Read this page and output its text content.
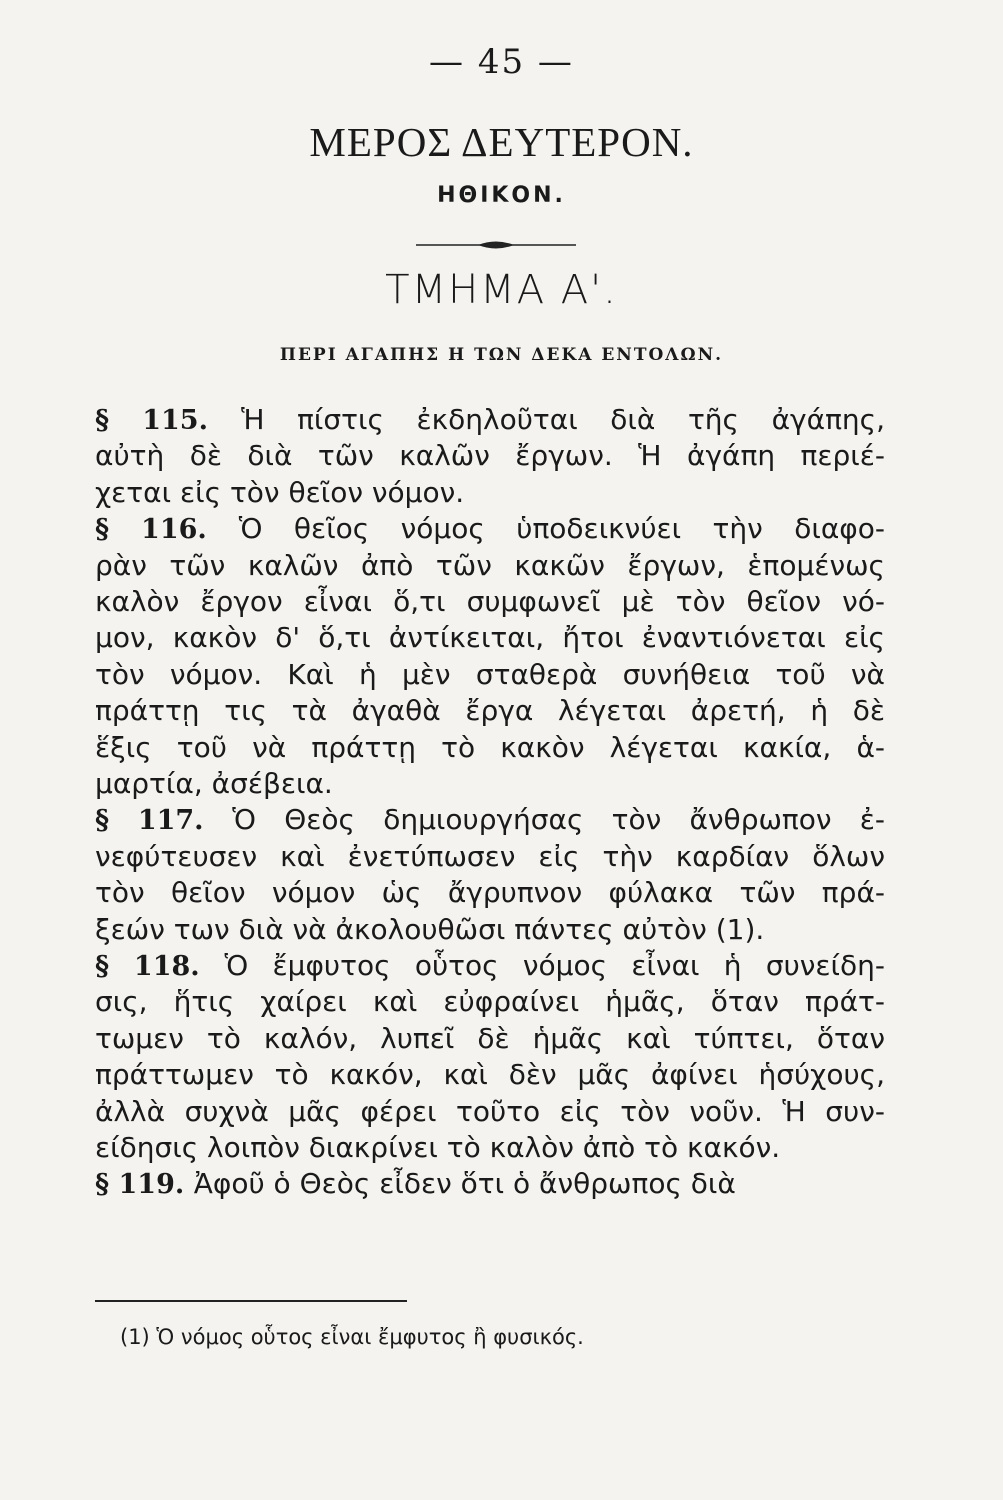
— 45 —
ΜΕΡΟΣ ΔΕΥΤΕΡΟΝ.
ΗΘΙΚΟΝ.
ΤΜΗΜΑ Α'.
ΠΕΡΙ ΑΓΑΠΗΣ Η ΤΩΝ ΔΕΚΑ ΕΝΤΟΛΩΝ.
§ 115. Ἡ πίστις ἐκδηλοῦται διὰ τῆς ἀγάπης,
αὐτὴ δὲ διὰ τῶν καλῶν ἔργων. Ἡ ἀγάπη περιέ-
χεται εἰς τὸν θεῖον νόμον.
§ 116. Ὁ θεῖος νόμος ὑποδεικνύει τὴν διαφο-
ρὰν τῶν καλῶν ἀπὸ τῶν κακῶν ἔργων, ἑπομένως
καλὸν ἔργον εἶναι ὅ,τι συμφωνεῖ μὲ τὸν θεῖον νό-
μον, κακὸν δ' ὅ,τι ἀντίκειται, ἤτοι ἐναντιόνεται εἰς
τὸν νόμον. Καὶ ἡ μὲν σταθερὰ συνήθεια τοῦ νὰ
πράττῃ τις τὰ ἀγαθὰ ἔργα λέγεται ἀρετή, ἡ δὲ
ἕξις τοῦ νὰ πράττῃ τὸ κακὸν λέγεται κακία, ἁ-
μαρτία, ἀσέβεια.
§ 117. Ὁ Θεὸς δημιουργήσας τὸν ἄνθρωπον ἐ-
νεφύτευσεν καὶ ἐνετύπωσεν εἰς τὴν καρδίαν ὅλων
τὸν θεῖον νόμον ὡς ἄγρυπνον φύλακα τῶν πρά-
ξεών των διὰ νὰ ἀκολουθῶσι πάντες αὐτὸν (1).
§ 118. Ὁ ἔμφυτος οὗτος νόμος εἶναι ἡ συνείδη-
σις, ἥτις χαίρει καὶ εὐφραίνει ἡμᾶς, ὅταν πράτ-
τωμεν τὸ καλόν, λυπεῖ δὲ ἡμᾶς καὶ τύπτει, ὅταν
πράττωμεν τὸ κακόν, καὶ δὲν μᾶς ἀφίνει ἡσύχους,
ἀλλὰ συχνὰ μᾶς φέρει τοῦτο εἰς τὸν νοῦν. Ἡ συν-
είδησις λοιπὸν διακρίνει τὸ καλὸν ἀπὸ τὸ κακόν.
§ 119. Ἀφοῦ ὁ Θεὸς εἶδεν ὅτι ὁ ἄνθρωπος διὰ
(1) Ὁ νόμος οὗτος εἶναι ἔμφυτος ἢ φυσικός.
